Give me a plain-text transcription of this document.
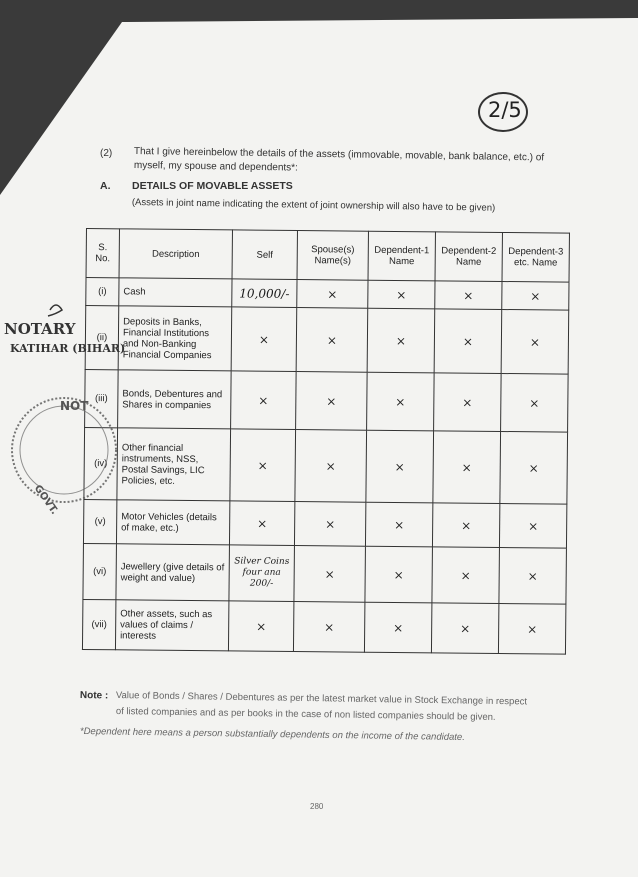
2/5
(2) That I give hereinbelow the details of the assets (immovable, movable, bank balance, etc.) of
myself, my spouse and dependents*:
A. DETAILS OF MOVABLE ASSETS
(Assets in joint name indicating the extent of joint ownership will also have to be given)
S. No.	Description	Self	Spouse(s) Name(s)	Dependent-1 Name	Dependent-2 Name	Dependent-3 etc. Name
(i)	Cash	10,000/-	×	×	×	×
(ii)	Deposits in Banks, Financial Institutions and Non-Banking Financial Companies	×	×	×	×	×
(iii)	Bonds, Debentures and Shares in companies	×	×	×	×	×
(iv)	Other financial instruments, NSS, Postal Savings, LIC Policies, etc.	×	×	×	×	×
(v)	Motor Vehicles (details of make, etc.)	×	×	×	×	×
(vi)	Jewellery (give details of weight and value)	Silver Coins four ana 200/-	×	×	×	×
(vii)	Other assets, such as values of claims / interests	×	×	×	×	×
NOTARY
KATIHAR (BIHAR)
NOT
GOVT.
Note : Value of Bonds / Shares / Debentures as per the latest market value in Stock Exchange in respect
of listed companies and as per books in the case of non listed companies should be given.
*Dependent here means a person substantially dependents on the income of the candidate.
280
